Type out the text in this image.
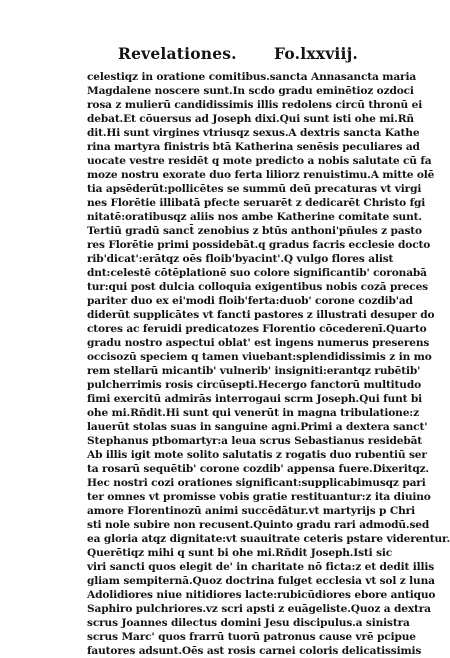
Revelationes. Fo.lxxviij.
celestiqz in oratione comitibus.sancta Annasancta maria
Magdalene noscere sunt.In scdo gradu eminētioz ozdoci
rosa z mulierū candidissimis illis redolens circū thronū ei
debat.Et cōuersus ad Joseph dixi.Qui sunt isti ohe mi.Rñ
dit.Hi sunt virgines vtriusqz sexus.A dextris sancta Kathe
rina martyra finistris btā Katherina senēsis peculiares ad
uocate vestre residēt q mote predicto a nobis salutate cū fa
moze nostru exorate duo ferta liliorz renuistimu.A mitte olē
tia apsēderūt:pollicētes se summū deū precaturas vt virgi
nes Florētie illibatā pfecte seruarēt z dedicarēt Christo fgi
nitatē:oratibusqz aliis nos ambe Katherine comitate sunt.
Tertiū gradū sanct̄ zenobius z btūs anthoni'pñules z pasto
res Florētie primi possidebāt.q gradus facris ecclesie docto
rib'dicat':erātqz oēs floib'byacint'.Q vulgo flores alist
dnt:celestē cōtēplationē suo colore significantib' coronabā
tur:qui post dulcia colloquia exigentibus nobis cozā preces
pariter duo ex ei'modi floib'ferta:duob' corone cozdib'ad
diderūt supplicātes vt fancti pastores z illustrati desuper do
ctores ac feruidi predicatozes Florentio cōcederenī.Quarto
gradu nostro aspectui oblat' est ingens numerus preserens
occisozū speciem q tamen viuebant:splendidissimis z in mo
rem stellarū micantib' vulnerib' insigniti:erantqz rubētib'
pulcherrimis rosis circūsepti.Hecergo fanctorū multitudo
fimi exercitū admirās interrogaui scrm Joseph.Qui funt bi
ohe mi.Rñdit.Hi sunt qui venerūt in magna tribulatione:z
lauerūt stolas suas in sanguine agni.Primi a dextera sanct'
Stephanus ptbomartyr:a leua scrus Sebastianus residebāt
Ab illis igit mote solito salutatis z rogatis duo rubentiū ser
ta rosarū sequētib' corone cozdib' appensa fuere.Dixeritqz.
Hec nostri cozi orationes significant:supplicabimusqz pari
ter omnes vt promisse vobis gratie restituantur:z ita diuino
amore Florentinozū animi succēdātur.vt martyrijs p Chri
sti nole subire non recusent.Quinto gradu rari admodū.sed
ea gloria atqz dignitate:vt suauitrate ceteris pstare viderentur.
Querētiqz mihi q sunt bi ohe mi.Rñdit Joseph.Isti sic
viri sancti quos elegit de' in charitate nō ficta:z et dedit illis
gliam sempiternā.Quoz doctrina fulget ecclesia vt sol z luna
Adolidiores niue nitidiores lacte:rubicūdiores ebore antiquo
Saphiro pulchriores.vz scri apsti z euāgeliste.Quoz a dextra
scrus Joannes dilectus domini Jesu discipulus.a sinistra
scrus Marc' quos frarrū tuorū patronus cause vrē pcipue
fautores adsunt.Oēs ast rosis carnei coloris delicatissimis
